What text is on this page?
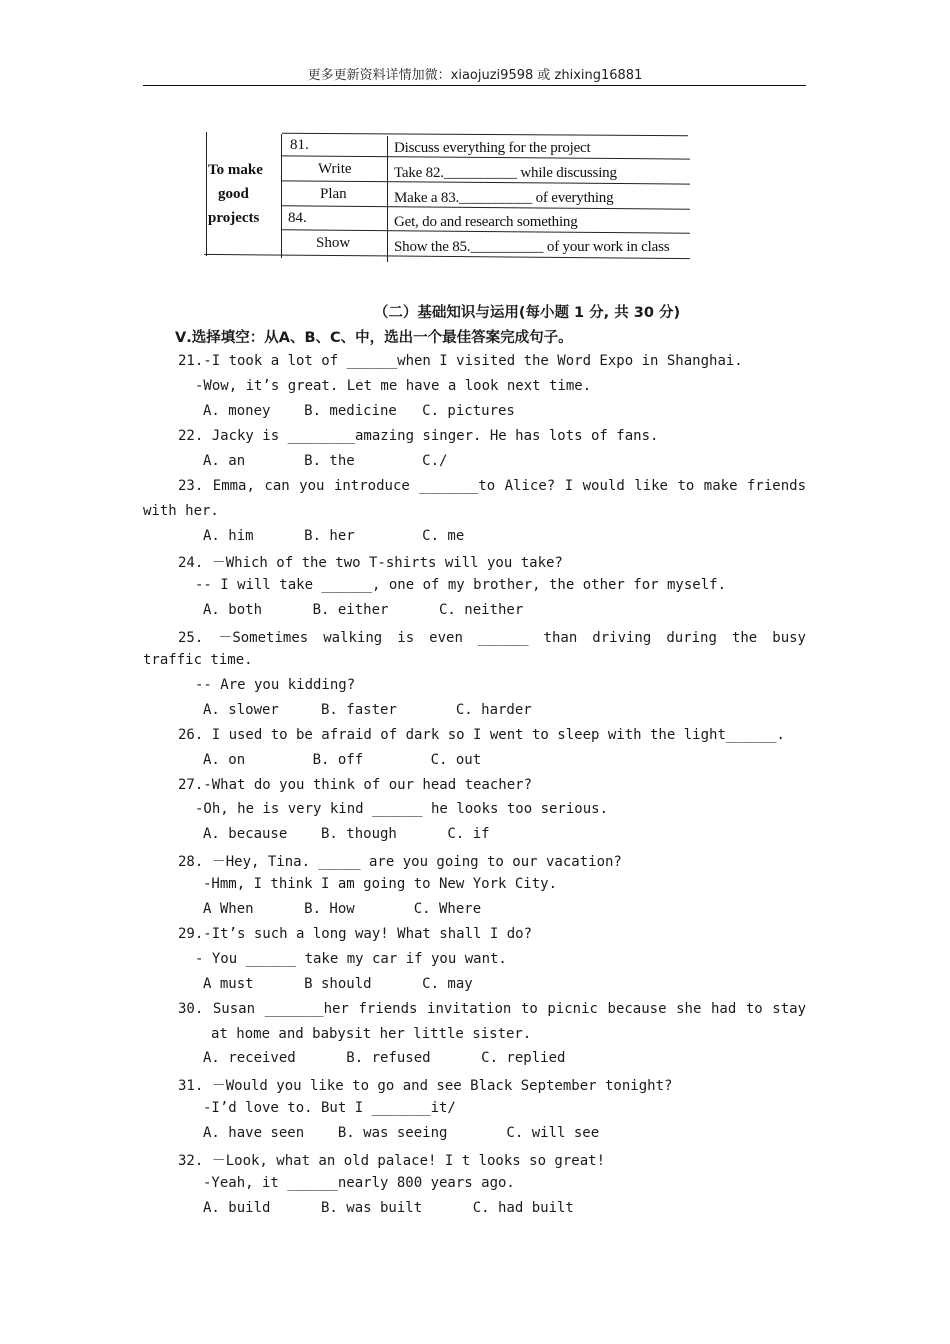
更多更新资料详情加微：xiaojuzi9598 或 zhixing16881
To make
good
projects
81.
Write
Plan
84.
Show
Discuss everything for the project
Take 82.__________ while discussing
Make a 83.__________ of everything
Get, do and research something
Show the 85.__________ of your work in class
（二）基础知识与运用(每小题 1 分, 共 30 分)
Ⅴ.选择填空：从A、B、C、中，选出一个最佳答案完成句子。
21.-I took a lot of ______when I visited the Word Expo in Shanghai.
-Wow, it’s great. Let me have a look next time.
A. money    B. medicine   C. pictures
22. Jacky is ________amazing singer. He has lots of fans.
A. an       B. the        C./
23. Emma, can you introduce _______to Alice? I would like to make friends
with her.
A. him      B. her        C. me
24. －Which of the two T-shirts will you take?
-- I will take ______, one of my brother, the other for myself.
A. both      B. either      C. neither
25. －Sometimes walking is even ______ than driving during the busy
traffic time.
-- Are you kidding?
A. slower     B. faster       C. harder
26. I used to be afraid of dark so I went to sleep with the light______.
A. on        B. off        C. out
27.-What do you think of our head teacher?
-Oh, he is very kind ______ he looks too serious.
A. because    B. though      C. if
28. －Hey, Tina. _____ are you going to our vacation?
-Hmm, I think I am going to New York City.
A When      B. How       C. Where
29.-It’s such a long way! What shall I do?
- You ______ take my car if you want.
A must      B should      C. may
30. Susan _______her friends invitation to picnic because she had to stay
at home and babysit her little sister.
A. received      B. refused      C. replied
31. －Would you like to go and see Black September tonight?
-I’d love to. But I _______it/
A. have seen    B. was seeing       C. will see
32. －Look, what an old palace! I t looks so great!
-Yeah, it ______nearly 800 years ago.
A. build      B. was built      C. had built
